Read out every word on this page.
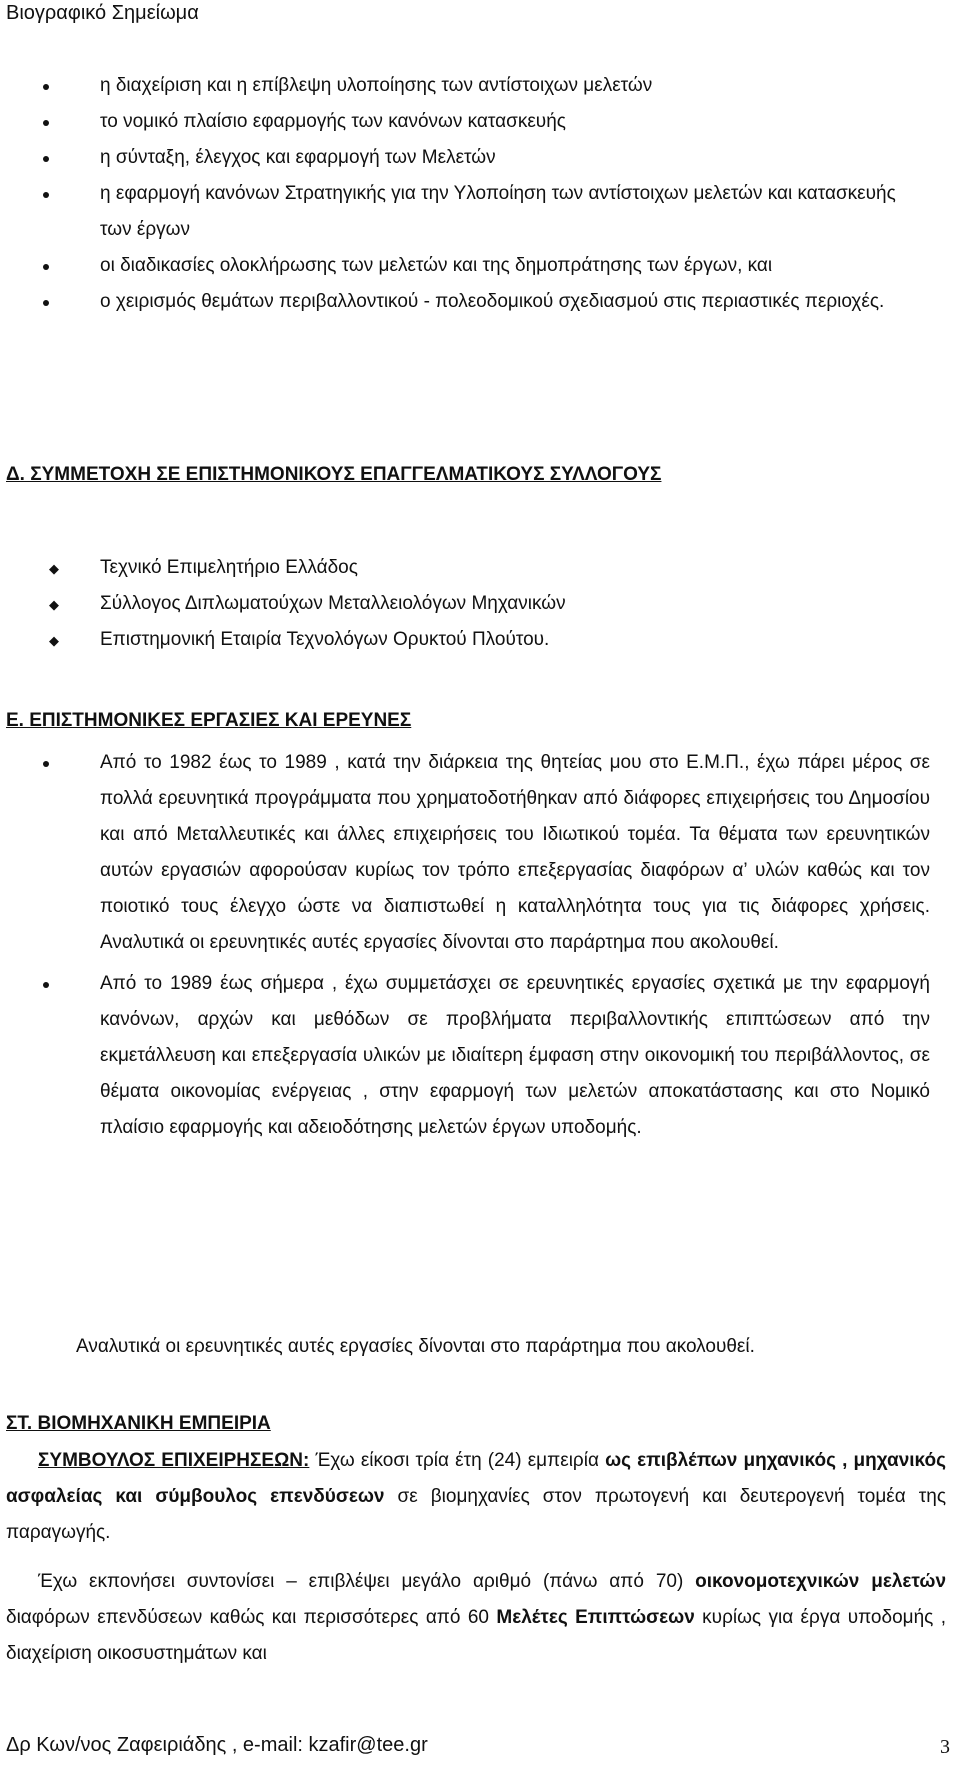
Βιογραφικό Σημείωμα
η διαχείριση και η επίβλεψη υλοποίησης των αντίστοιχων μελετών
το νομικό πλαίσιο εφαρμογής των κανόνων κατασκευής
η σύνταξη, έλεγχος και εφαρμογή των Μελετών
η εφαρμογή κανόνων Στρατηγικής για την Υλοποίηση των αντίστοιχων μελετών και κατασκευής των έργων
οι διαδικασίες ολοκλήρωσης των μελετών και της δημοπράτησης των έργων, και
ο χειρισμός θεμάτων περιβαλλοντικού - πολεοδομικού σχεδιασμού στις περιαστικές περιοχές.
Δ. ΣΥΜΜΕΤΟΧΗ ΣΕ ΕΠΙΣΤΗΜΟΝΙΚΟΥΣ ΕΠΑΓΓΕΛΜΑΤΙΚΟΥΣ ΣΥΛΛΟΓΟΥΣ
◆ Τεχνικό Επιμελητήριο Ελλάδος
◆ Σύλλογος Διπλωματούχων Μεταλλειολόγων Μηχανικών
◆ Επιστημονική Εταιρία Τεχνολόγων Ορυκτού Πλούτου.
Ε. ΕΠΙΣΤΗΜΟΝΙΚΕΣ ΕΡΓΑΣΙΕΣ ΚΑΙ ΕΡΕΥΝΕΣ
Από το 1982 έως το 1989 , κατά την διάρκεια της θητείας μου στο Ε.Μ.Π., έχω πάρει μέρος σε πολλά ερευνητικά προγράμματα που χρηματοδοτήθηκαν από διάφορες επιχειρήσεις του Δημοσίου και από Μεταλλευτικές και άλλες επιχειρήσεις του Ιδιωτικού τομέα. Τα θέματα των ερευνητικών αυτών εργασιών αφορούσαν κυρίως τον τρόπο επεξεργασίας διαφόρων α’ υλών καθώς και τον ποιοτικό τους έλεγχο ώστε να διαπιστωθεί η καταλληλότητα τους για τις διάφορες χρήσεις. Αναλυτικά οι ερευνητικές αυτές εργασίες δίνονται στο παράρτημα που ακολουθεί.
Από το 1989 έως σήμερα , έχω συμμετάσχει σε ερευνητικές εργασίες σχετικά με την εφαρμογή κανόνων, αρχών και μεθόδων σε προβλήματα περιβαλλοντικής επιπτώσεων από την εκμετάλλευση και επεξεργασία υλικών με ιδιαίτερη έμφαση στην οικονομική του περιβάλλοντος, σε θέματα οικονομίας ενέργειας , στην εφαρμογή των μελετών αποκατάστασης και στο Νομικό πλαίσιο εφαρμογής και αδειοδότησης μελετών έργων υποδομής.
Αναλυτικά οι ερευνητικές αυτές εργασίες δίνονται στο παράρτημα που ακολουθεί.
ΣΤ. ΒΙΟΜΗΧΑΝΙΚΗ ΕΜΠΕΙΡΙΑ
ΣΥΜΒΟΥΛΟΣ ΕΠΙΧΕΙΡΗΣΕΩΝ: Έχω είκοσι τρία έτη (24) εμπειρία ως επιβλέπων μηχανικός , μηχανικός ασφαλείας και σύμβουλος επενδύσεων σε βιομηχανίες στον πρωτογενή και δευτερογενή τομέα της παραγωγής.
Έχω εκπονήσει συντονίσει – επιβλέψει μεγάλο αριθμό (πάνω από 70) οικονομοτεχνικών μελετών διαφόρων επενδύσεων καθώς και περισσότερες από 60 Μελέτες Επιπτώσεων κυρίως για έργα υποδομής , διαχείριση οικοσυστημάτων και
Δρ Κων/νος Ζαφειριάδης , e-mail: kzafir@tee.gr	3
